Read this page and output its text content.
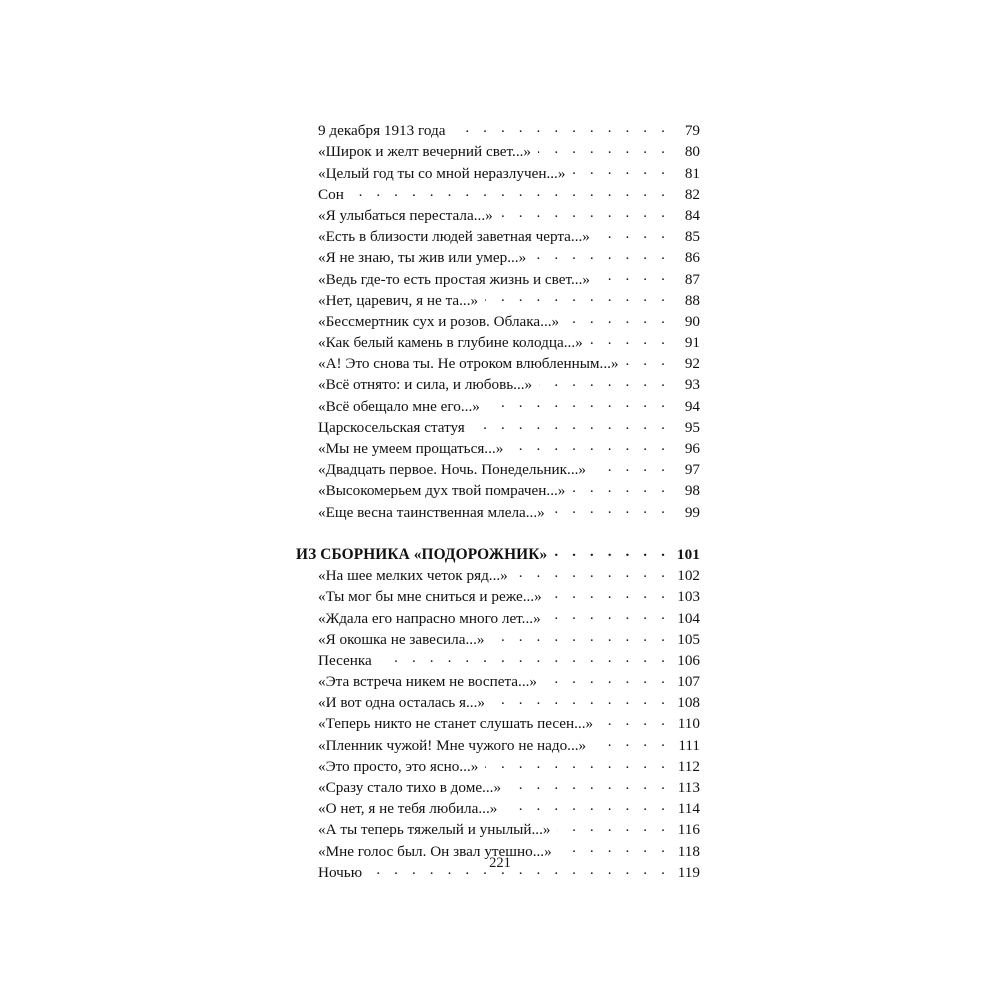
9 декабря 1913 года . . .	79
«Широк и желт вечерний свет...» . . .	80
«Целый год ты со мной неразлучен...» . . .	81
Сон . . .	82
«Я улыбаться перестала...» . . .	84
«Есть в близости людей заветная черта...» . . .	85
«Я не знаю, ты жив или умер...» . . .	86
«Ведь где-то есть простая жизнь и свет...» . . .	87
«Нет, царевич, я не та...» . . .	88
«Бессмертник сух и розов. Облака...» . . .	90
«Как белый камень в глубине колодца...» . . .	91
«А! Это снова ты. Не отроком влюбленным...» . . .	92
«Всё отнято: и сила, и любовь...» . . .	93
«Всё обещало мне его...» . . .	94
Царскосельская статуя . . .	95
«Мы не умеем прощаться...» . . .	96
«Двадцать первое. Ночь. Понедельник...» . . .	97
«Высокомерьем дух твой помрачен...» . . .	98
«Еще весна таинственная млела...» . . .	99
ИЗ СБОРНИКА «ПОДОРОЖНИК» . . .	101
«На шее мелких четок ряд...» . . .	102
«Ты мог бы мне сниться и реже...» . . .	103
«Ждала его напрасно много лет...» . . .	104
«Я окошка не завесила...» . . .	105
Песенка . . .	106
«Эта встреча никем не воспета...» . . .	107
«И вот одна осталась я...» . . .	108
«Теперь никто не станет слушать песен...» . . .	110
«Пленник чужой! Мне чужого не надо...» . . .	111
«Это просто, это ясно...» . . .	112
«Сразу стало тихо в доме...» . . .	113
«О нет, я не тебя любила...» . . .	114
«А ты теперь тяжелый и унылый...» . . .	116
«Мне голос был. Он звал утешно...» . . .	118
Ночью . . .	119
221
